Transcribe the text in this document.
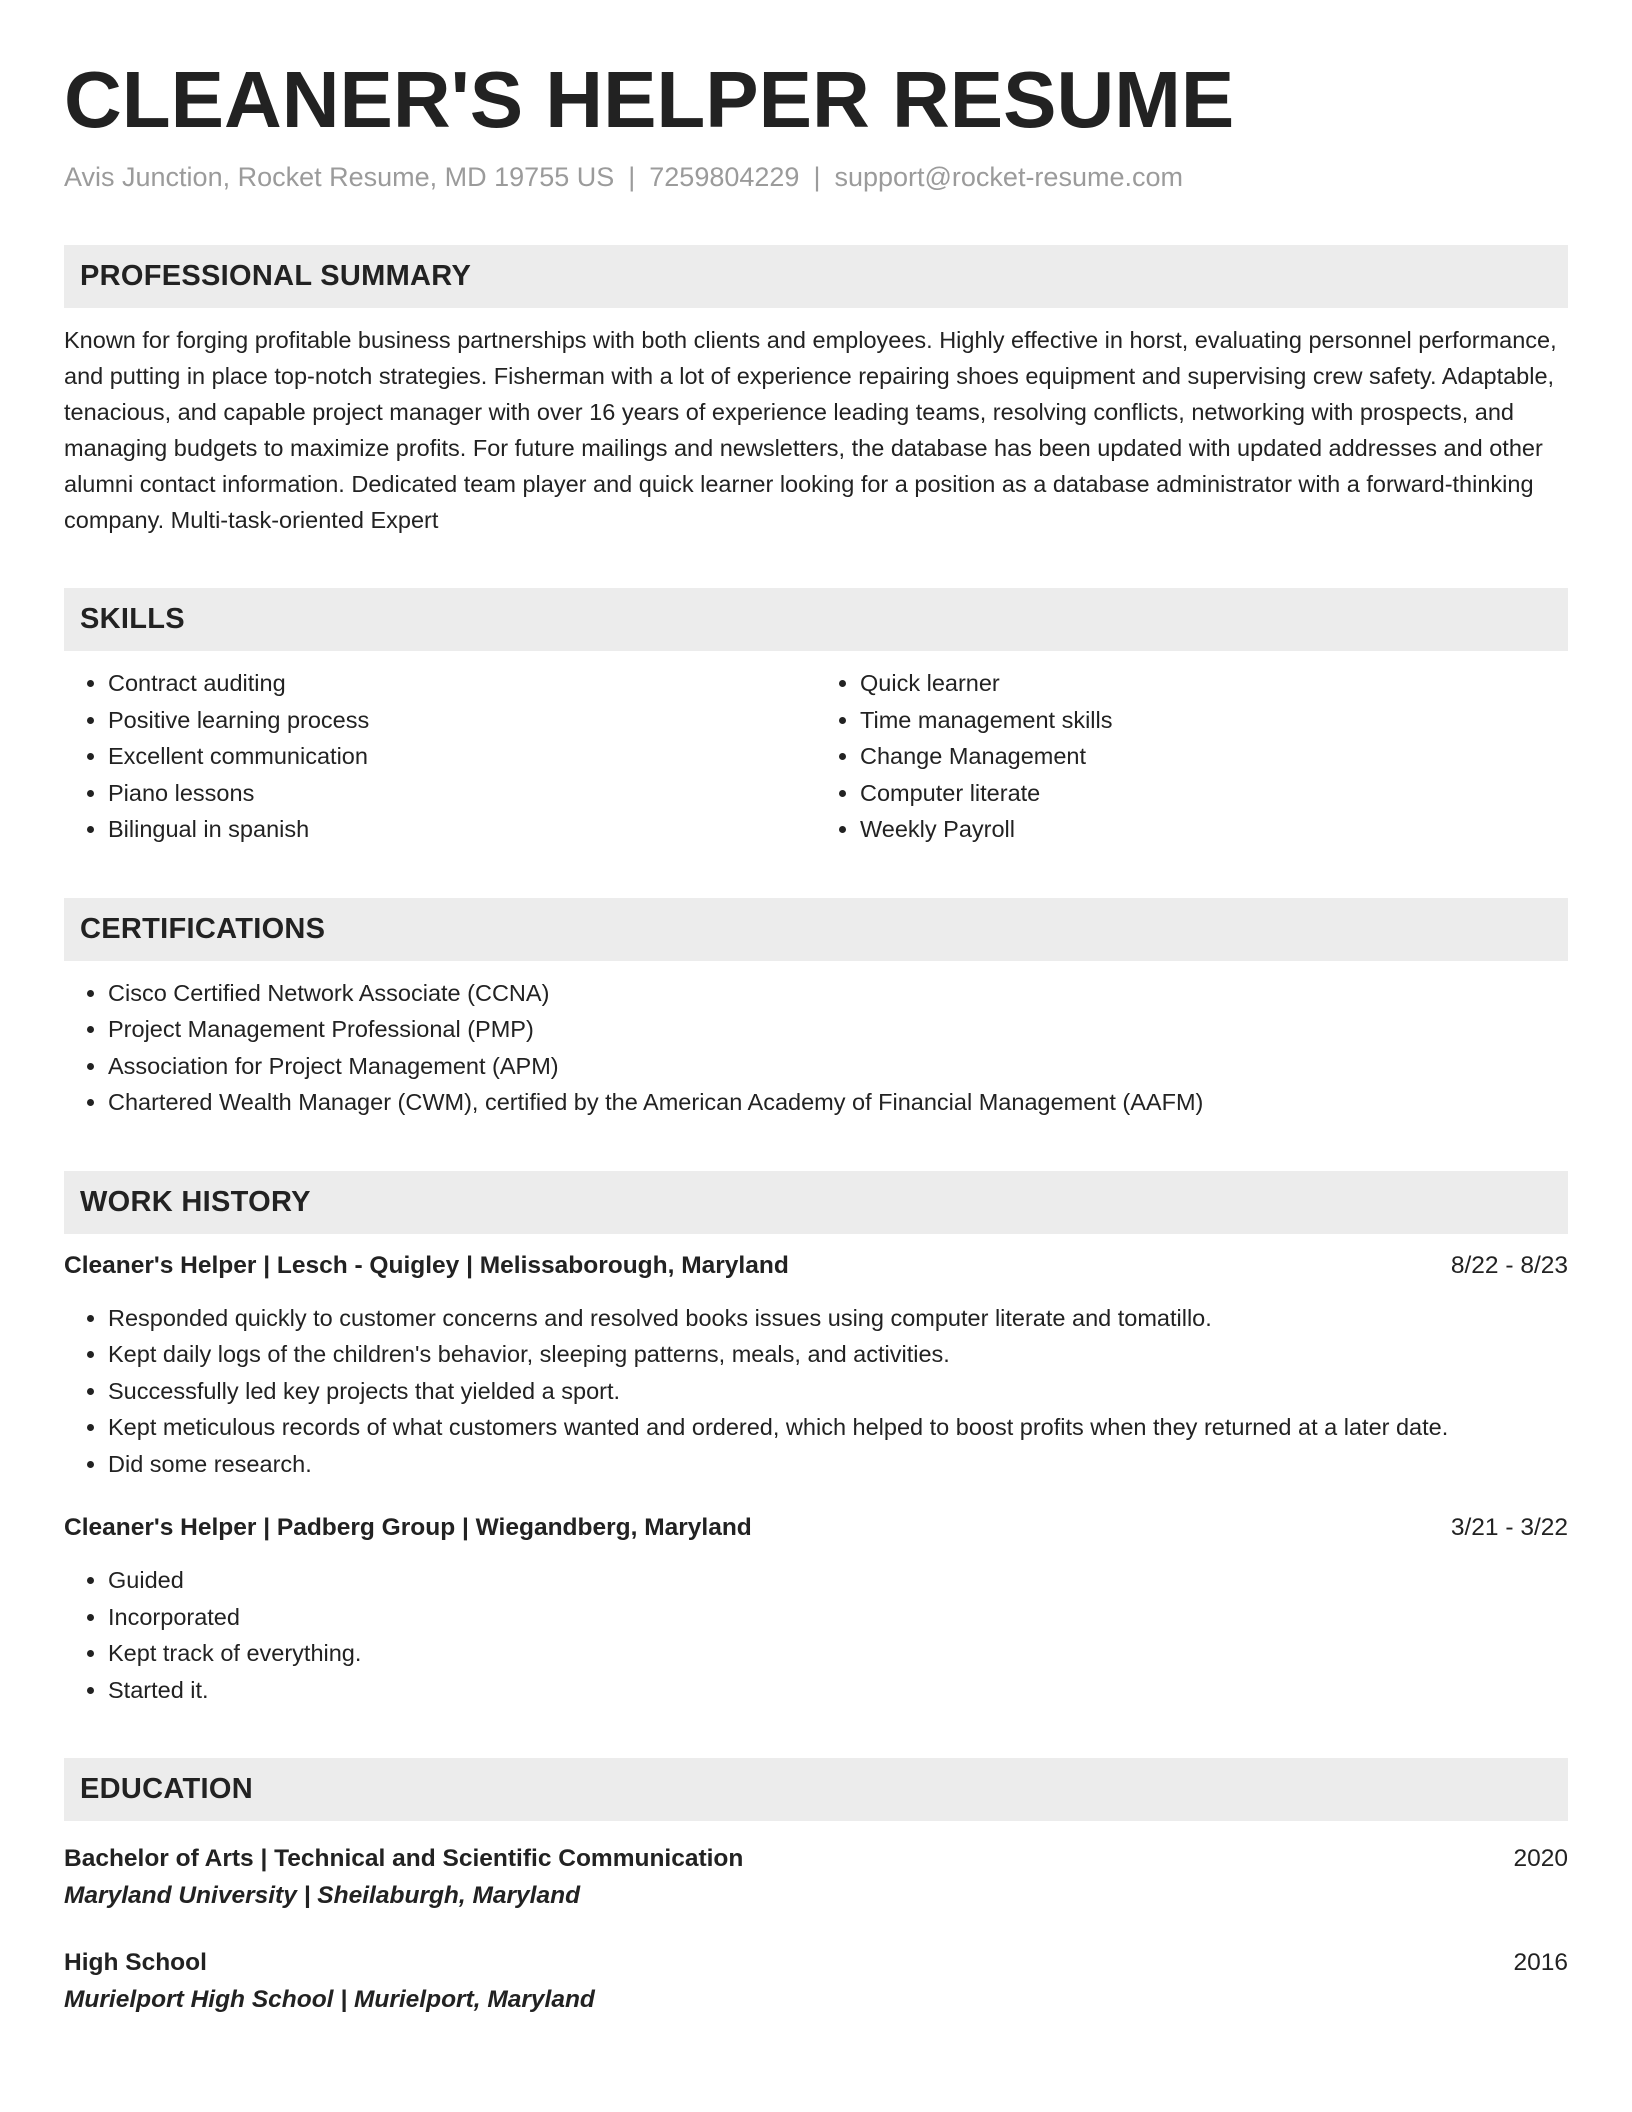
CLEANER'S HELPER RESUME
Avis Junction, Rocket Resume, MD 19755 US | 7259804229 | support@rocket-resume.com
PROFESSIONAL SUMMARY
Known for forging profitable business partnerships with both clients and employees. Highly effective in horst, evaluating personnel performance, and putting in place top-notch strategies. Fisherman with a lot of experience repairing shoes equipment and supervising crew safety. Adaptable, tenacious, and capable project manager with over 16 years of experience leading teams, resolving conflicts, networking with prospects, and managing budgets to maximize profits. For future mailings and newsletters, the database has been updated with updated addresses and other alumni contact information. Dedicated team player and quick learner looking for a position as a database administrator with a forward-thinking company. Multi-task-oriented Expert
SKILLS
• Contract auditing
• Positive learning process
• Excellent communication
• Piano lessons
• Bilingual in spanish
• Quick learner
• Time management skills
• Change Management
• Computer literate
• Weekly Payroll
CERTIFICATIONS
• Cisco Certified Network Associate (CCNA)
• Project Management Professional (PMP)
• Association for Project Management (APM)
• Chartered Wealth Manager (CWM), certified by the American Academy of Financial Management (AAFM)
WORK HISTORY
Cleaner's Helper | Lesch - Quigley | Melissaborough, Maryland	8/22 - 8/23
• Responded quickly to customer concerns and resolved books issues using computer literate and tomatillo.
• Kept daily logs of the children's behavior, sleeping patterns, meals, and activities.
• Successfully led key projects that yielded a sport.
• Kept meticulous records of what customers wanted and ordered, which helped to boost profits when they returned at a later date.
• Did some research.
Cleaner's Helper | Padberg Group | Wiegandberg, Maryland	3/21 - 3/22
• Guided
• Incorporated
• Kept track of everything.
• Started it.
EDUCATION
Bachelor of Arts | Technical and Scientific Communication	2020
Maryland University | Sheilaburgh, Maryland
High School	2016
Murielport High School | Murielport, Maryland
